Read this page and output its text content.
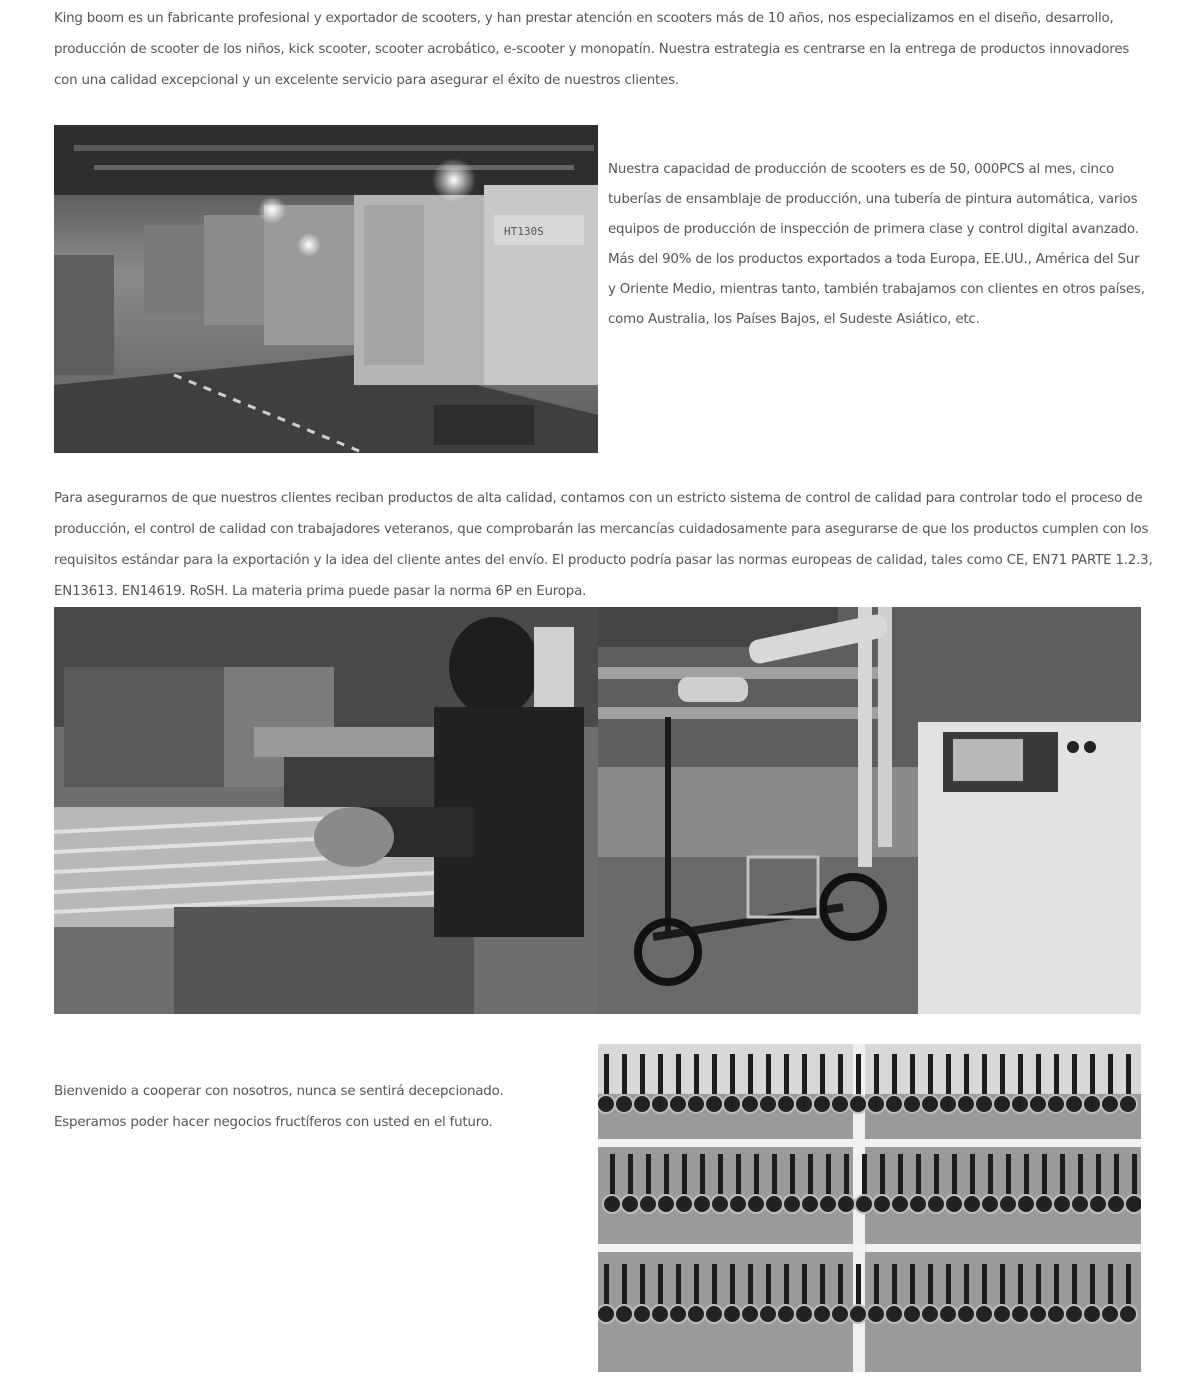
King boom es un fabricante profesional y exportador de scooters, y han prestar atención en scooters más de 10 años, nos especializamos en el diseño, desarrollo, producción de scooter de los niños, kick scooter, scooter acrobático, e-scooter y monopatín. Nuestra estrategia es centrarse en la entrega de productos innovadores con una calidad excepcional y un excelente servicio para asegurar el éxito de nuestros clientes.

HT130S

Nuestra capacidad de producción de scooters es de 50, 000PCS al mes, cinco tuberías de ensamblaje de producción, una tubería de pintura automática, varios equipos de producción de inspección de primera clase y control digital avanzado. Más del 90% de los productos exportados a toda Europa, EE.UU., América del Sur y Oriente Medio, mientras tanto, también trabajamos con clientes en otros países, como Australia, los Países Bajos, el Sudeste Asiático, etc.

Para asegurarnos de que nuestros clientes reciban productos de alta calidad, contamos con un estricto sistema de control de calidad para controlar todo el proceso de producción, el control de calidad con trabajadores veteranos, que comprobarán las mercancías cuidadosamente para asegurarse de que los productos cumplen con los requisitos estándar para la exportación y la idea del cliente antes del envío. El producto podría pasar las normas europeas de calidad, tales como CE, EN71 PARTE 1.2.3, EN13613. EN14619. RoSH. La materia prima puede pasar la norma 6P en Europa.

Bienvenido a cooperar con nosotros, nunca se sentirá decepcionado. Esperamos poder hacer negocios fructíferos con usted en el futuro.
